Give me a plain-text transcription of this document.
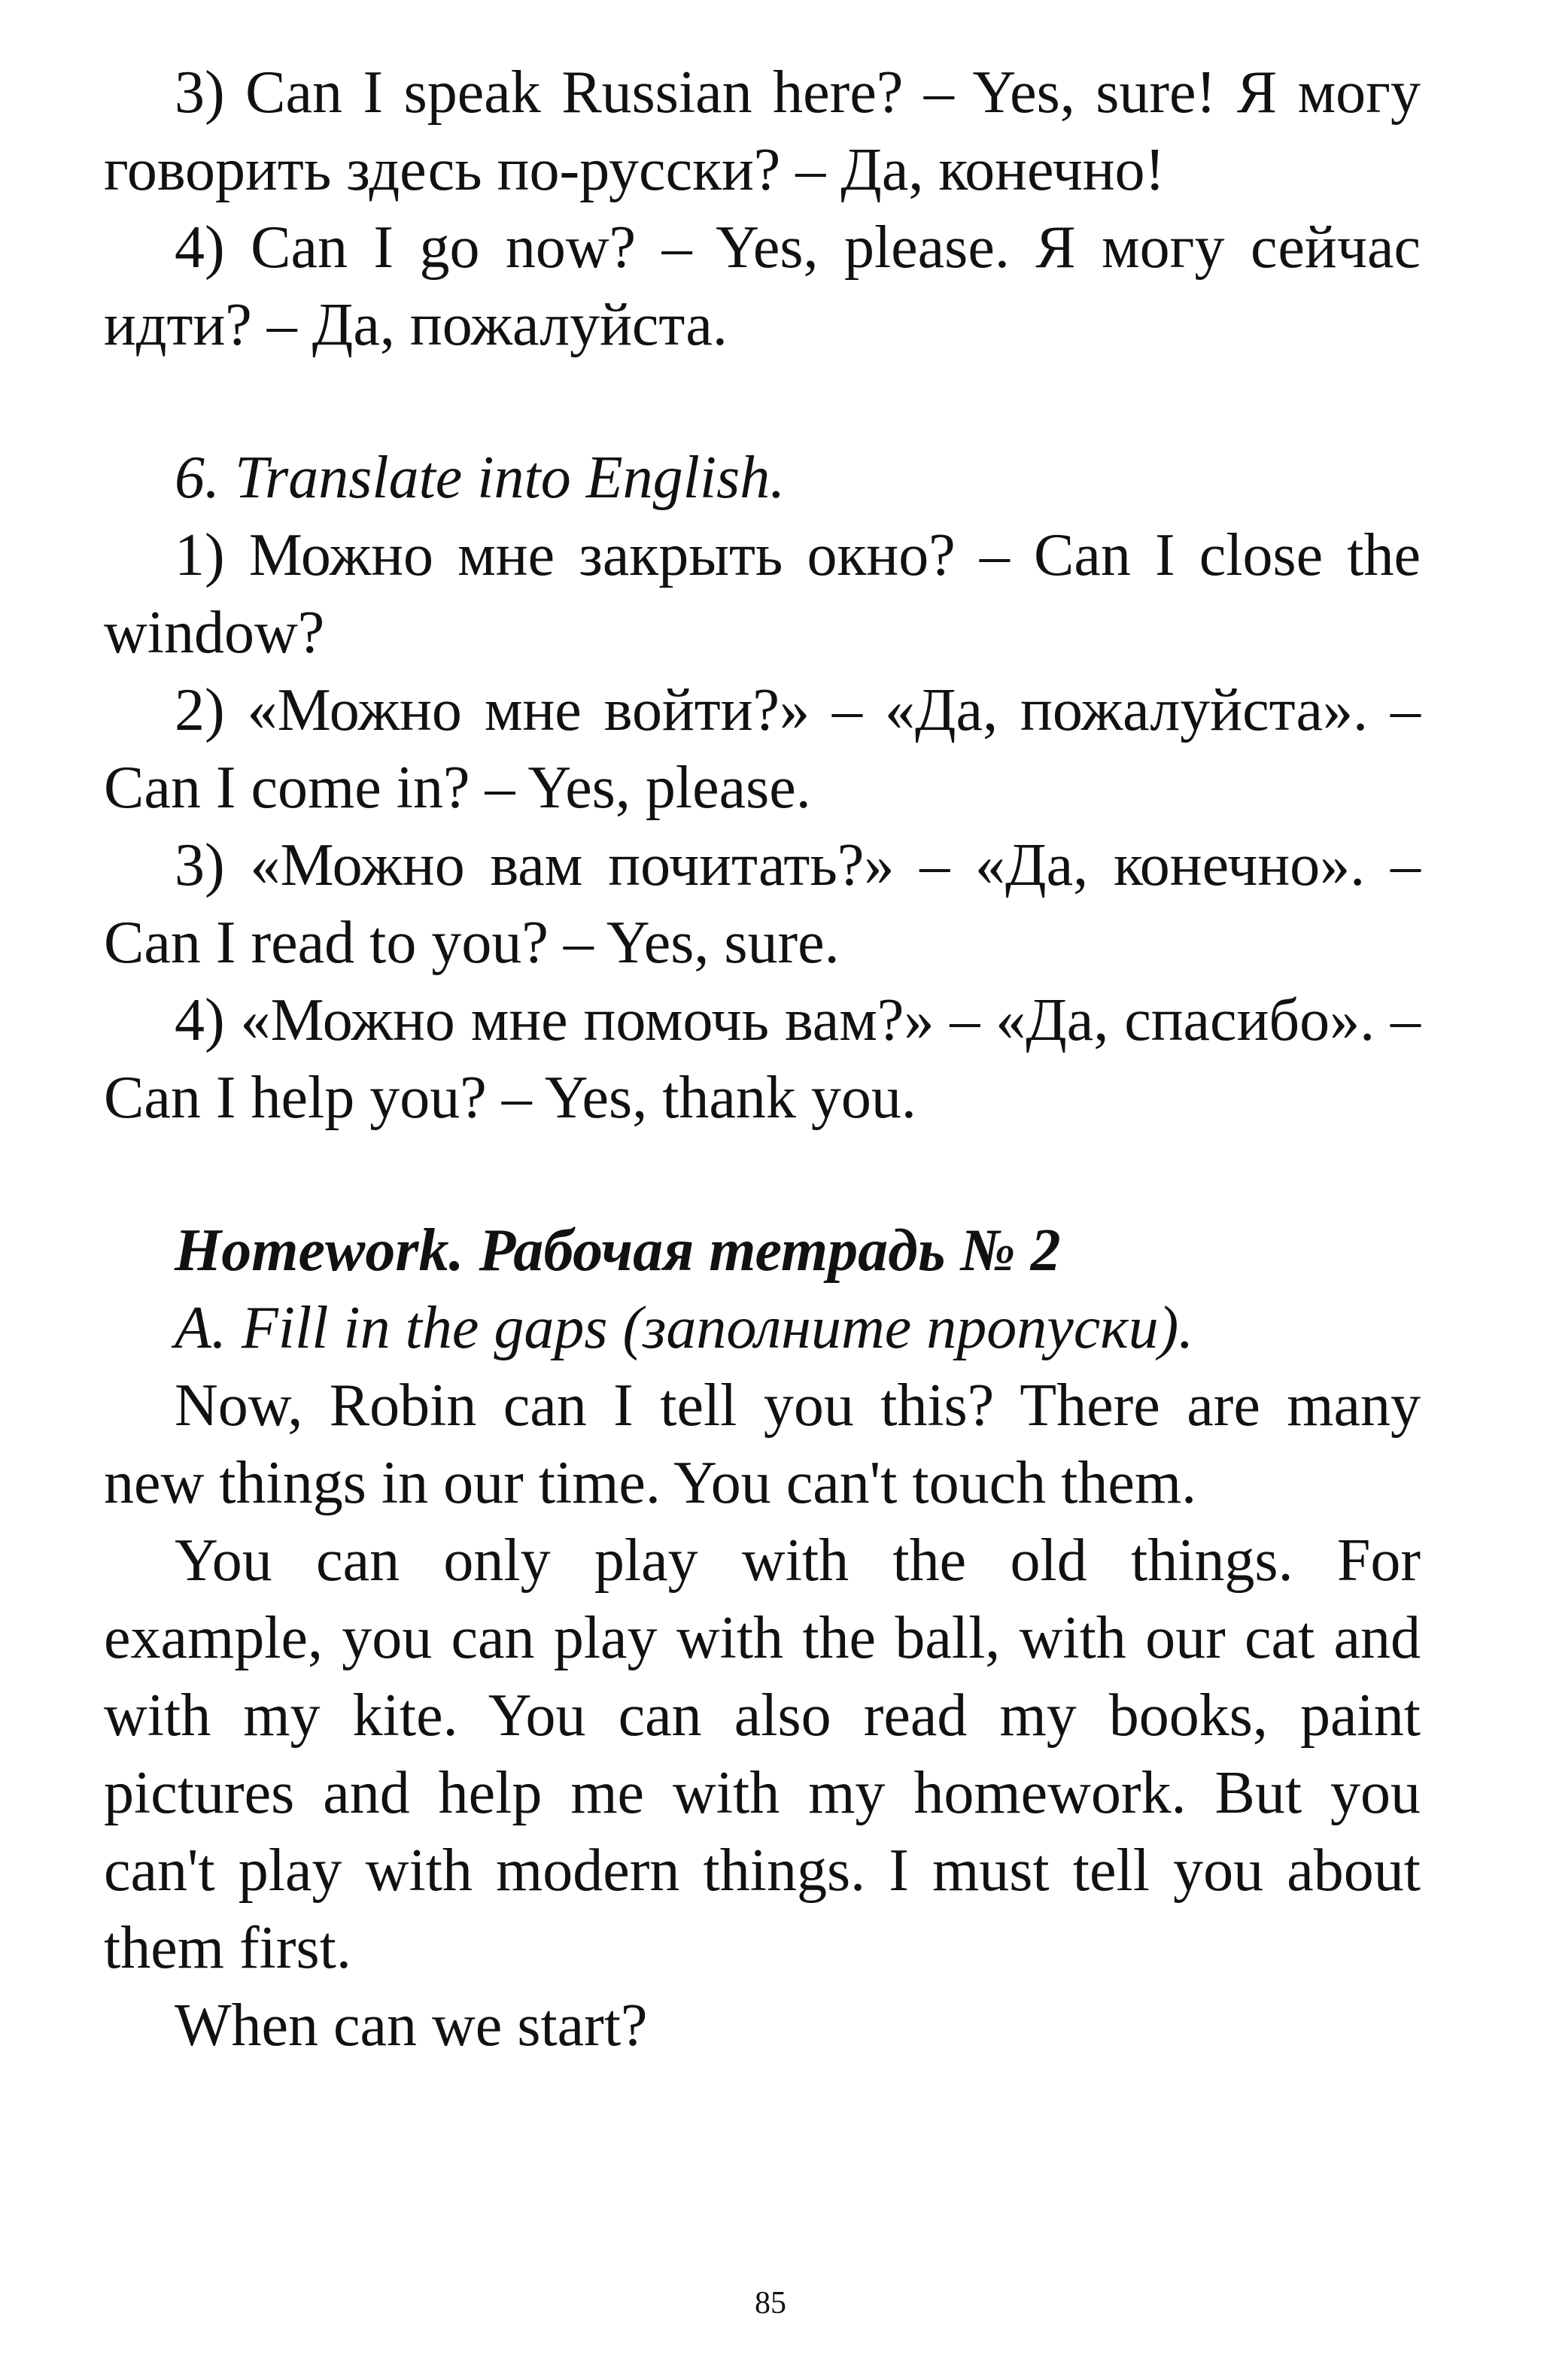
3) Can I speak Russian here? – Yes, sure! Я могу говорить здесь по-русски? – Да, конечно!

4) Can I go now? – Yes, please. Я могу сейчас идти? – Да, пожалуйста.

6. Translate into English.

1) Можно мне закрыть окно? – Can I close the window?

2) «Можно мне войти?» – «Да, пожалуйста». – Can I come in? – Yes, please.

3) «Можно вам почитать?» – «Да, конечно». – Can I read to you? – Yes, sure.

4) «Можно мне помочь вам?» – «Да, спасибо». – Can I help you? – Yes, thank you.

Homework. Рабочая тетрадь № 2

A. Fill in the gaps (заполните пропуски).

Now, Robin can I tell you this? There are many new things in our time. You can't touch them.

You can only play with the old things. For example, you can play with the ball, with our cat and with my kite. You can also read my books, paint pictures and help me with my homework. But you can't play with modern things. I must tell you about them first.

When can we start?

85
